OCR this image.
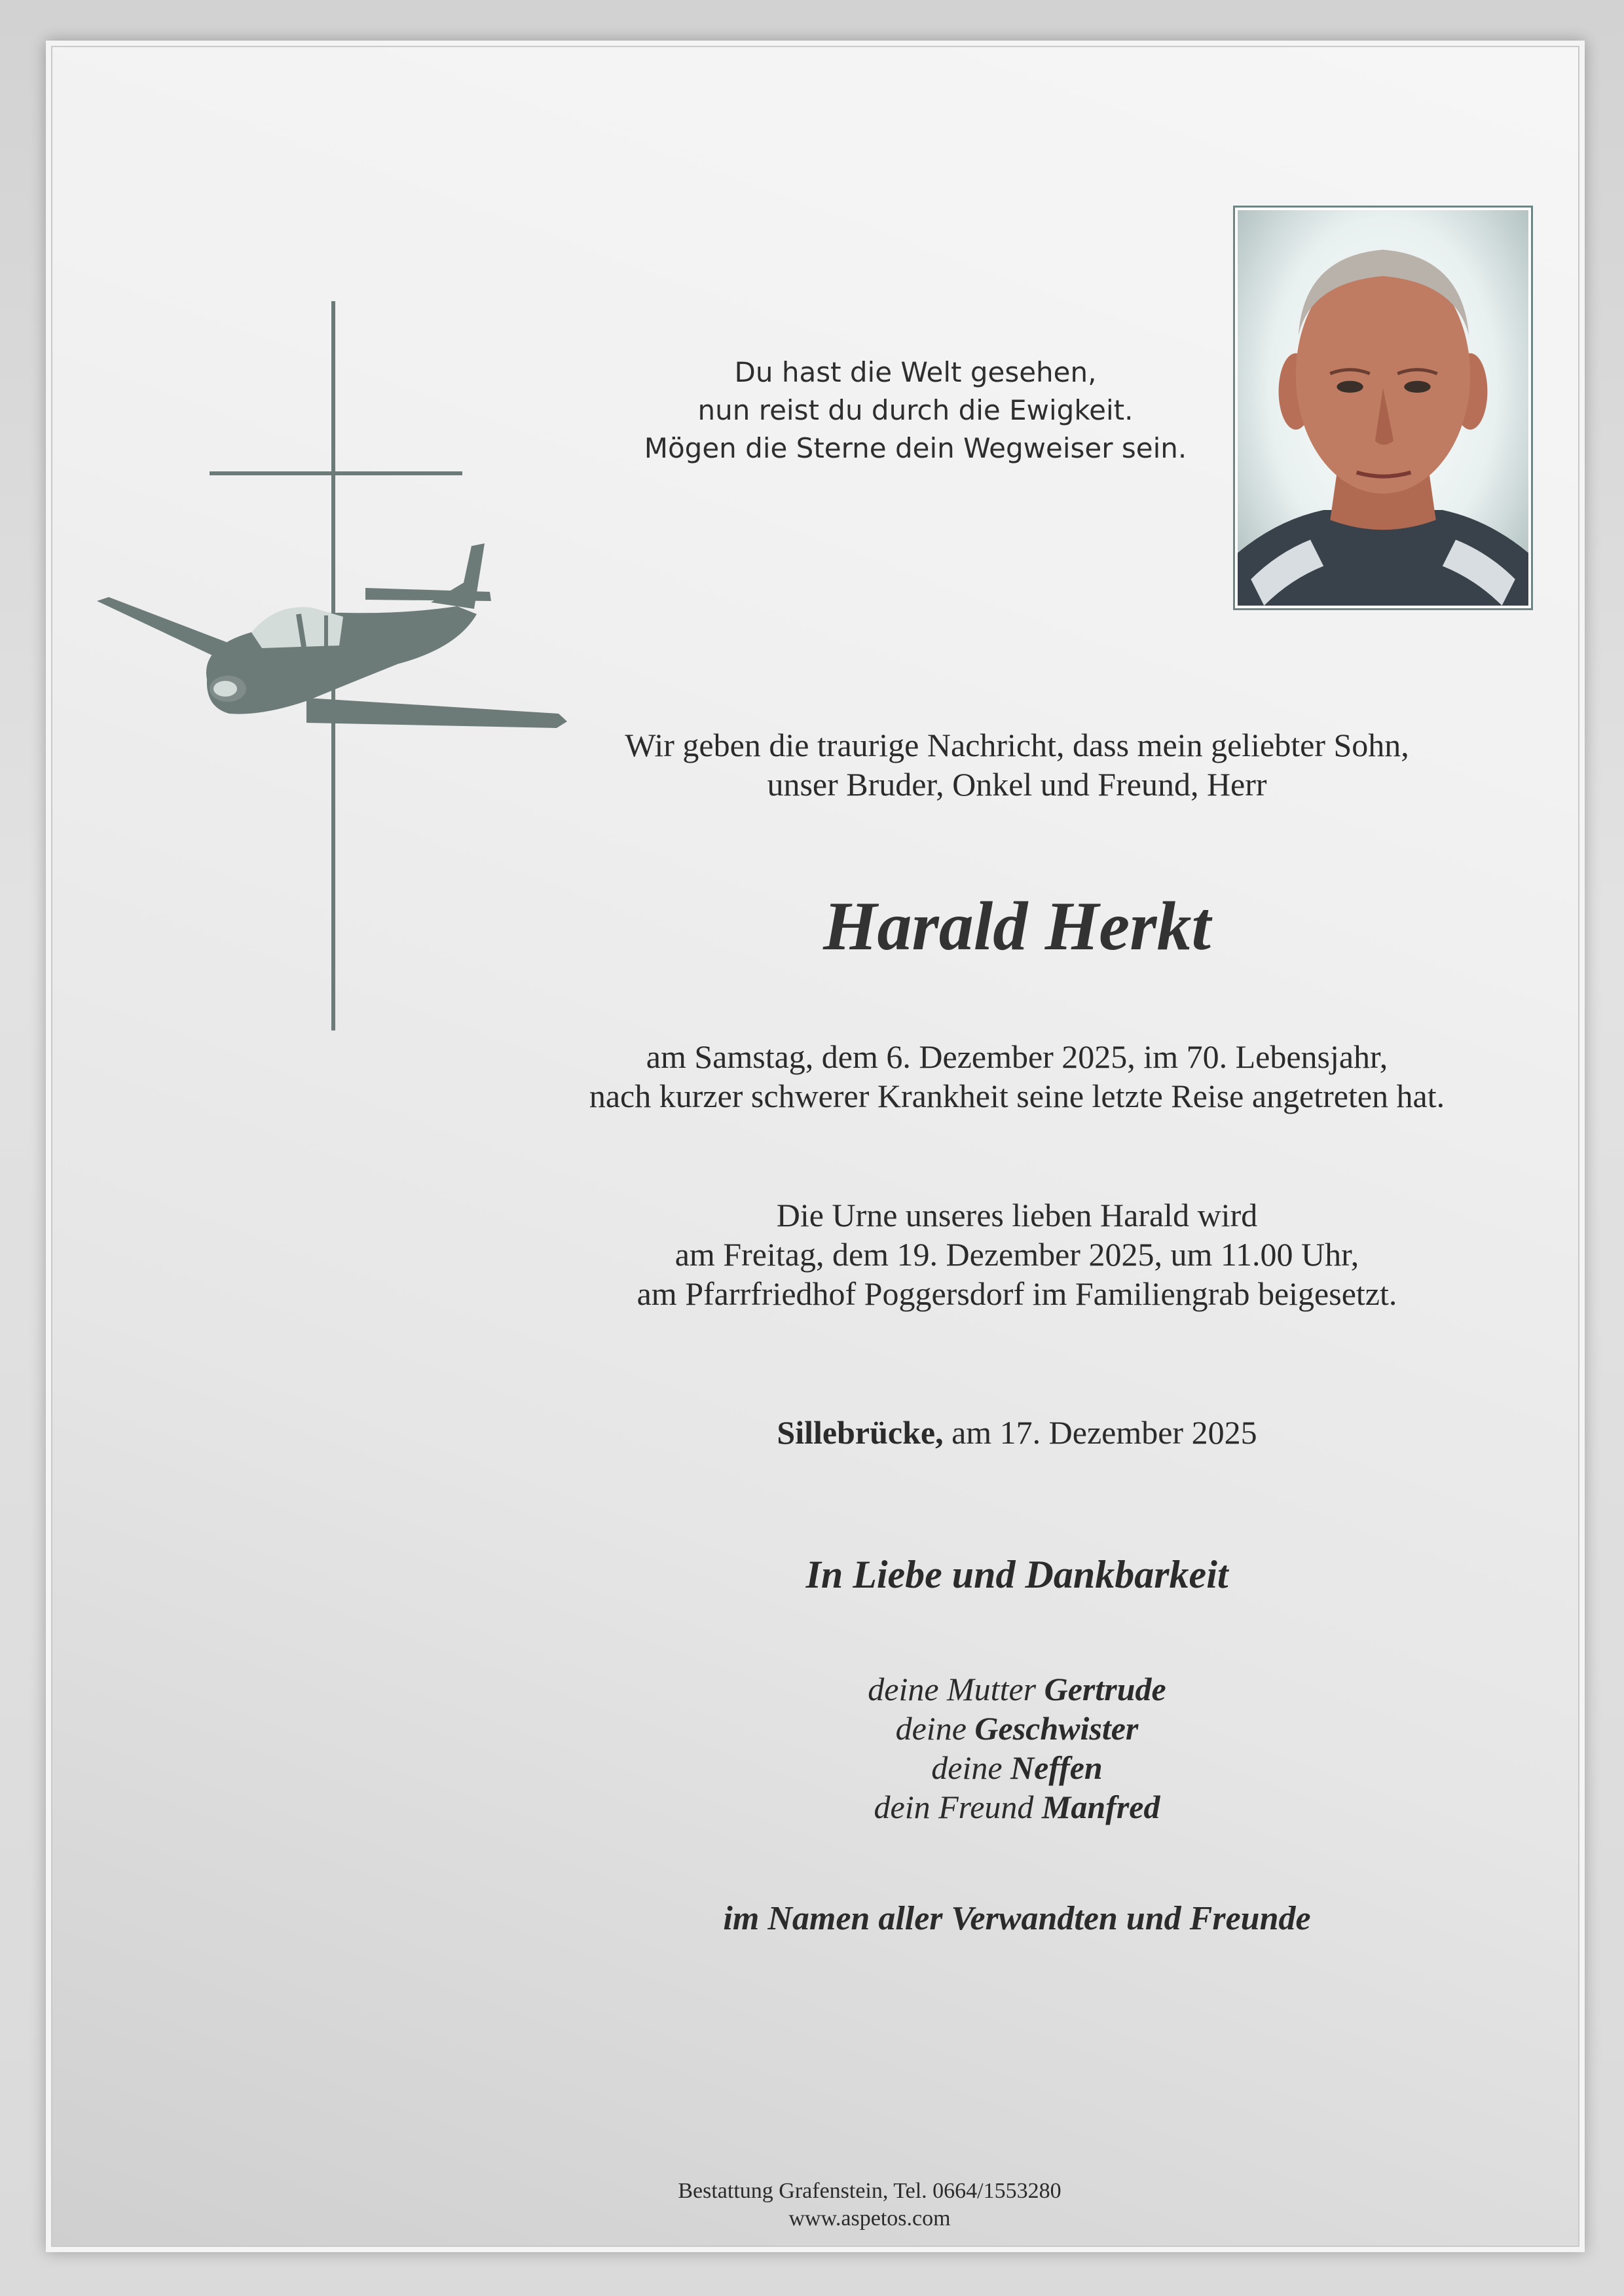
Du hast die Welt gesehen,
nun reist du durch die Ewigkeit.
Mögen die Sterne dein Wegweiser sein.
Wir geben die traurige Nachricht, dass mein geliebter Sohn,
unser Bruder, Onkel und Freund, Herr
Harald Herkt
am Samstag, dem 6. Dezember 2025, im 70. Lebensjahr,
nach kurzer schwerer Krankheit seine letzte Reise angetreten hat.
Die Urne unseres lieben Harald wird
am Freitag, dem 19. Dezember 2025, um 11.00 Uhr,
am Pfarrfriedhof Poggersdorf im Familiengrab beigesetzt.
Sillebrücke, am 17. Dezember 2025
In Liebe und Dankbarkeit
deine Mutter Gertrude
deine Geschwister
deine Neffen
dein Freund Manfred
im Namen aller Verwandten und Freunde
Bestattung Grafenstein, Tel. 0664/1553280
www.aspetos.com
